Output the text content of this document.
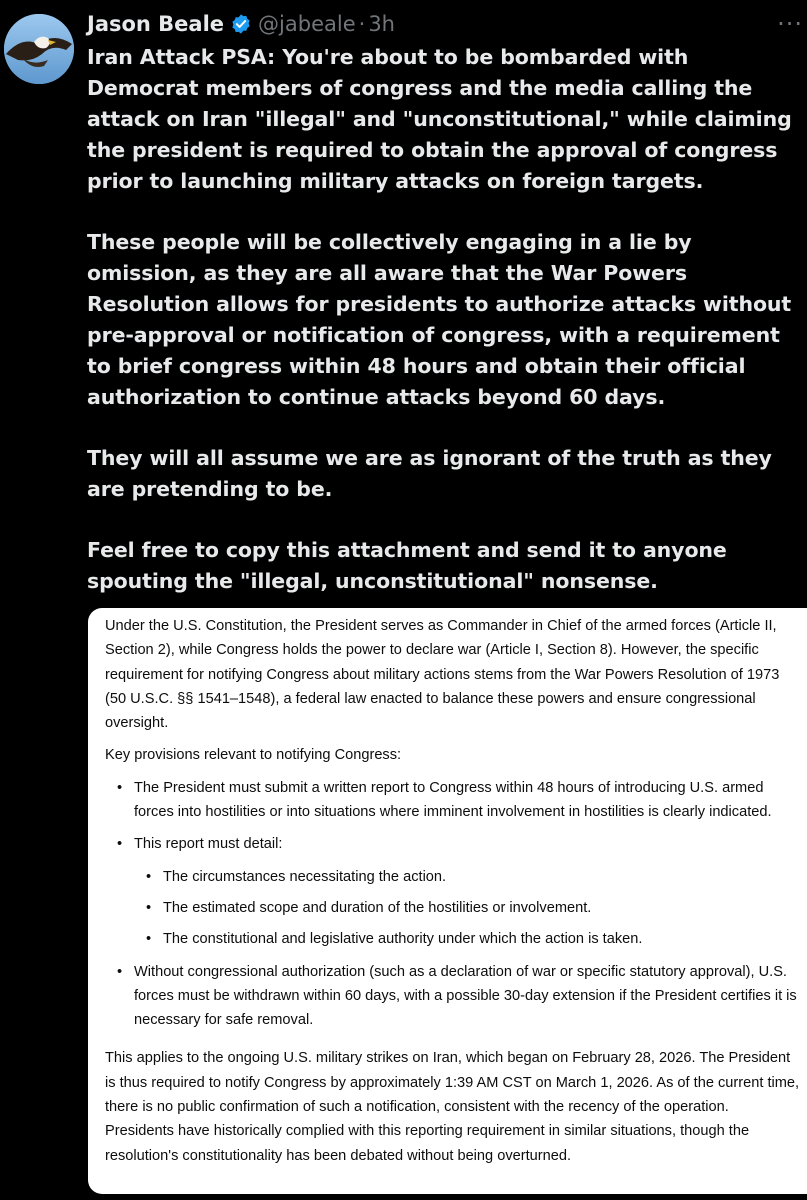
Jason Beale @jabeale · 3h	···

Iran Attack PSA: You're about to be bombarded with Democrat members of congress and the media calling the attack on Iran "illegal" and "unconstitutional," while claiming the president is required to obtain the approval of congress prior to launching military attacks on foreign targets.

These people will be collectively engaging in a lie by omission, as they are all aware that the War Powers Resolution allows for presidents to authorize attacks without pre-approval or notification of congress, with a requirement to brief congress within 48 hours and obtain their official authorization to continue attacks beyond 60 days.

They will all assume we are as ignorant of the truth as they are pretending to be.

Feel free to copy this attachment and send it to anyone spouting the "illegal, unconstitutional" nonsense.

Under the U.S. Constitution, the President serves as Commander in Chief of the armed forces (Article II, Section 2), while Congress holds the power to declare war (Article I, Section 8). However, the specific requirement for notifying Congress about military actions stems from the War Powers Resolution of 1973 (50 U.S.C. §§ 1541–1548), a federal law enacted to balance these powers and ensure congressional oversight.

Key provisions relevant to notifying Congress:

• The President must submit a written report to Congress within 48 hours of introducing U.S. armed forces into hostilities or into situations where imminent involvement in hostilities is clearly indicated.
• This report must detail:
• The circumstances necessitating the action.
• The estimated scope and duration of the hostilities or involvement.
• The constitutional and legislative authority under which the action is taken.
• Without congressional authorization (such as a declaration of war or specific statutory approval), U.S. forces must be withdrawn within 60 days, with a possible 30-day extension if the President certifies it is necessary for safe removal.

This applies to the ongoing U.S. military strikes on Iran, which began on February 28, 2026. The President is thus required to notify Congress by approximately 1:39 AM CST on March 1, 2026. As of the current time, there is no public confirmation of such a notification, consistent with the recency of the operation. Presidents have historically complied with this reporting requirement in similar situations, though the resolution's constitutionality has been debated without being overturned.
